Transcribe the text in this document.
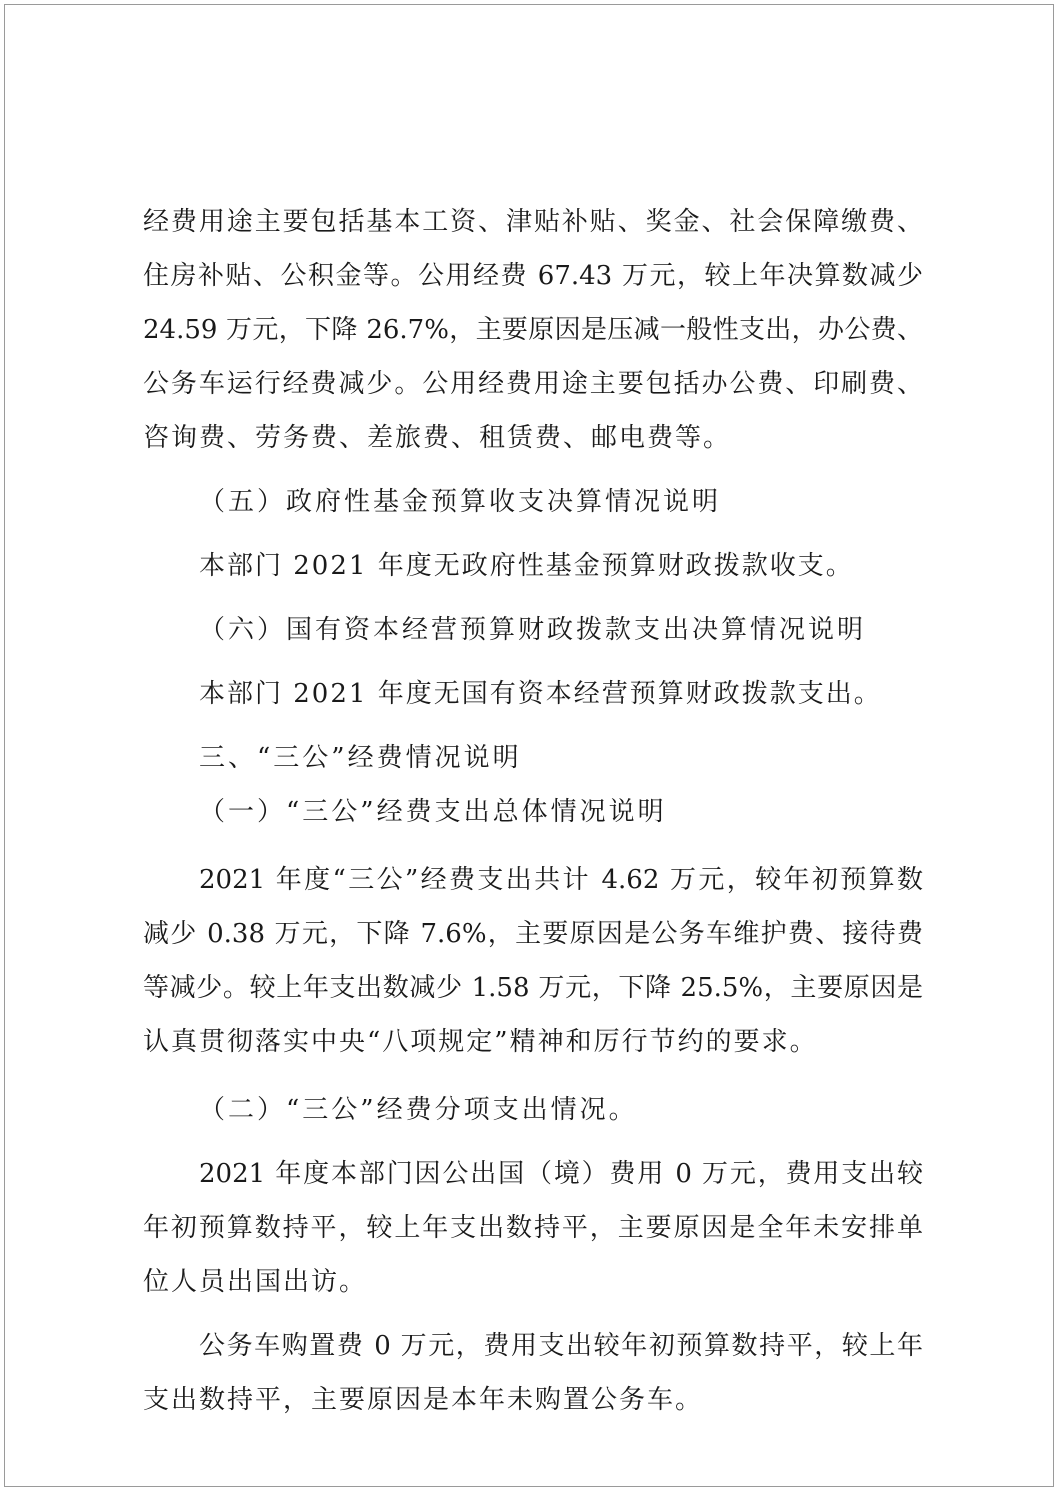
经费用途主要包括基本工资、津贴补贴、奖金、社会保障缴费、
住房补贴、公积金等。公用经费 67.43 万元，较上年决算数减少
24.59 万元，下降 26.7%，主要原因是压减一般性支出，办公费、
公务车运行经费减少。公用经费用途主要包括办公费、印刷费、
咨询费、劳务费、差旅费、租赁费、邮电费等。
（五）政府性基金预算收支决算情况说明
本部门 2021 年度无政府性基金预算财政拨款收支。
（六）国有资本经营预算财政拨款支出决算情况说明
本部门 2021 年度无国有资本经营预算财政拨款支出。
三、“三公”经费情况说明
（一）“三公”经费支出总体情况说明
2021 年度“三公”经费支出共计 4.62 万元，较年初预算数
减少 0.38 万元，下降 7.6%，主要原因是公务车维护费、接待费
等减少。较上年支出数减少 1.58 万元，下降 25.5%，主要原因是
认真贯彻落实中央“八项规定”精神和厉行节约的要求。
（二）“三公”经费分项支出情况。
2021 年度本部门因公出国（境）费用 0 万元，费用支出较
年初预算数持平，较上年支出数持平，主要原因是全年未安排单
位人员出国出访。
公务车购置费 0 万元，费用支出较年初预算数持平，较上年
支出数持平，主要原因是本年未购置公务车。
